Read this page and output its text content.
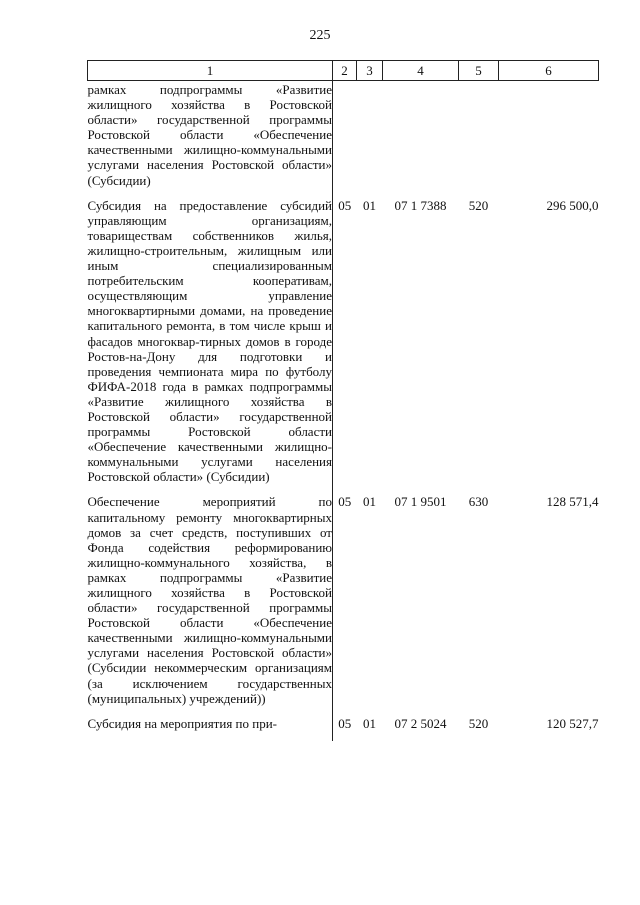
225
1	2	3	4	5	6
рамках подпрограммы «Развитие жилищного хозяйства в Ростовской области» государственной программы Ростовской области «Обеспечение качественными жилищно-коммунальными услугами населения Ростовской области» (Субсидии)					
Субсидия на предоставление субсидий управляющим организациям, товариществам собственников жилья, жилищно-строительным, жилищным или иным специализированным потребительским кооперативам, осуществляющим управление многоквартирными домами, на проведение капитального ремонта, в том числе крыш и фасадов многоквар-тирных домов в городе Ростов-на-Дону для подготовки и проведения чемпионата мира по футболу ФИФА-2018 года в рамках подпрограммы «Развитие жилищного хозяйства в Ростовской области» государственной программы Ростовской области «Обеспечение качественными жилищно-коммунальными услугами населения Ростовской области» (Субсидии)	05	01	07 1 7388	520	296 500,0
Обеспечение мероприятий по капитальному ремонту многоквартирных домов за счет средств, поступивших от Фонда содействия реформированию жилищно-коммунального хозяйства, в рамках подпрограммы «Развитие жилищного хозяйства в Ростовской области» государственной программы Ростовской области «Обеспечение качественными жилищно-коммунальными услугами населения Ростовской области» (Субсидии некоммерческим организациям (за исключением государственных (муниципальных) учреждений))	05	01	07 1 9501	630	128 571,4
Субсидия на мероприятия по при-	05	01	07 2 5024	520	120 527,7
